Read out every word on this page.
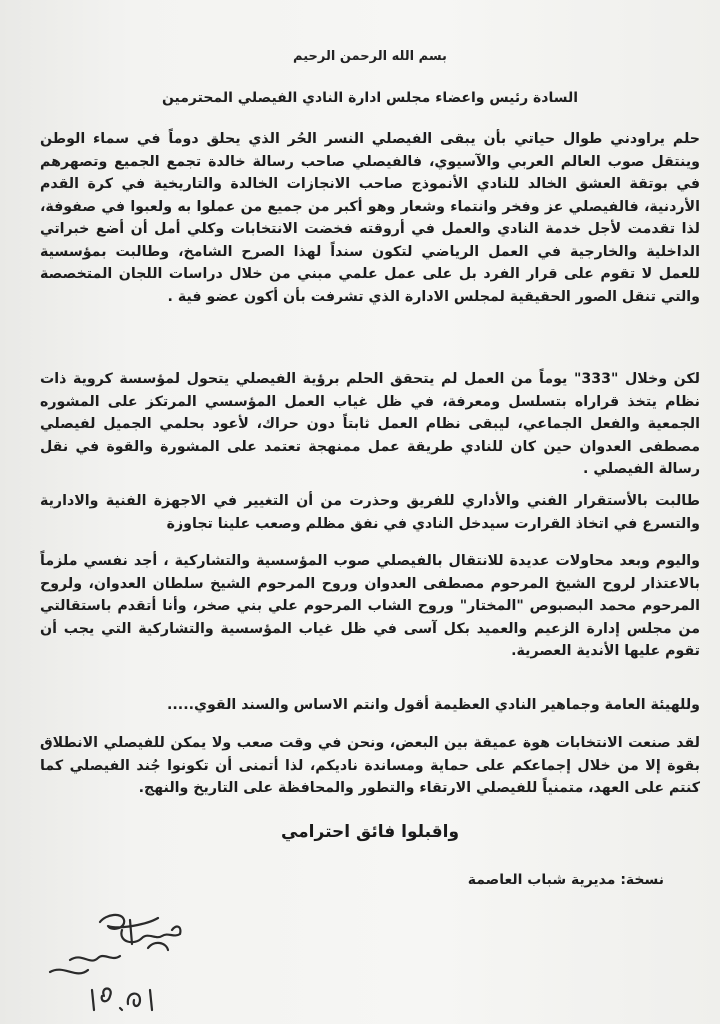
بسم الله الرحمن الرحيم
السادة رئيس واعضاء مجلس ادارة النادي الفيصلي المحترمين
حلم يراودني طوال حياتي بأن يبقى الفيصلي النسر الحُر الذي يحلق دوماً في سماء الوطن وينتقل صوب العالم العربي والآسيوي، فالفيصلي صاحب رسالة خالدة تجمع الجميع وتصهرهم في بوتقة العشق الخالد للنادي الأنموذج صاحب الانجازات الخالدة والتاريخية في كرة القدم الأردنية، فالفيصلي عز وفخر وانتماء وشعار وهو أكبر من جميع من عملوا به ولعبوا في صفوفة، لذا تقدمت لأجل خدمة النادي والعمل في أروقته فخضت الانتخابات وكلي أمل أن أضع خبراتي الداخلية والخارجية في العمل الرياضي لتكون سنداً لهذا الصرح الشامخ، وطالبت بمؤسسية للعمل لا تقوم على قرار الفرد بل على عمل علمي مبني من خلال دراسات اللجان المتخصصة والتي تنقل الصور الحقيقية لمجلس الادارة الذي تشرفت بأن أكون عضو فية .
لكن وخلال "333" يوماً من العمل لم يتحقق الحلم برؤية الفيصلي يتحول لمؤسسة كروية ذات نظام يتخذ قراراه بتسلسل ومعرفة، في ظل غياب العمل المؤسسي المرتكز على المشوره الجمعية والفعل الجماعي، ليبقى نظام العمل ثابتاً دون حراك، لأعود بحلمي الجميل لفيصلي مصطفى العدوان حين كان للنادي طريقة عمل ممنهجة تعتمد على المشورة والقوة في نقل رسالة الفيصلي .
طالبت بالأستقرار الفني والأداري للفريق وحذرت من أن التغيير في الاجهزة الفنية والادارية والتسرع في اتخاذ القرارت سيدخل النادي في نفق مظلم وصعب علينا تجاوزة
واليوم وبعد محاولات عديدة للانتقال بالفيصلي صوب المؤسسية والتشاركية ، أجد نفسي ملزماً بالاعتذار لروح الشيخ المرحوم مصطفى العدوان وروح المرحوم الشيخ سلطان العدوان، ولروح المرحوم محمد البصبوص "المختار" وروح الشاب المرحوم علي بني صخر، وأنا أتقدم باستقالتي من مجلس إدارة الزعيم والعميد بكل آسى في ظل غياب المؤسسية والتشاركية التي يجب أن تقوم عليها الأندية العصرية.
وللهيئة العامة وجماهير النادي العظيمة أقول وانتم الاساس والسند القوي.....
لقد صنعت الانتخابات هوة عميقة بين البعض، ونحن في وقت صعب ولا يمكن للفيصلي الانطلاق بقوة إلا من خلال إجماعكم على حماية ومساندة ناديكم، لذا أتمنى أن تكونوا جُند الفيصلي كما كنتم على العهد، متمنياً للفيصلي الارتقاء والتطور والمحافظة على التاريخ والنهج.
واقبلوا فائق احترامي
نسخة: مديرية شباب العاصمة
